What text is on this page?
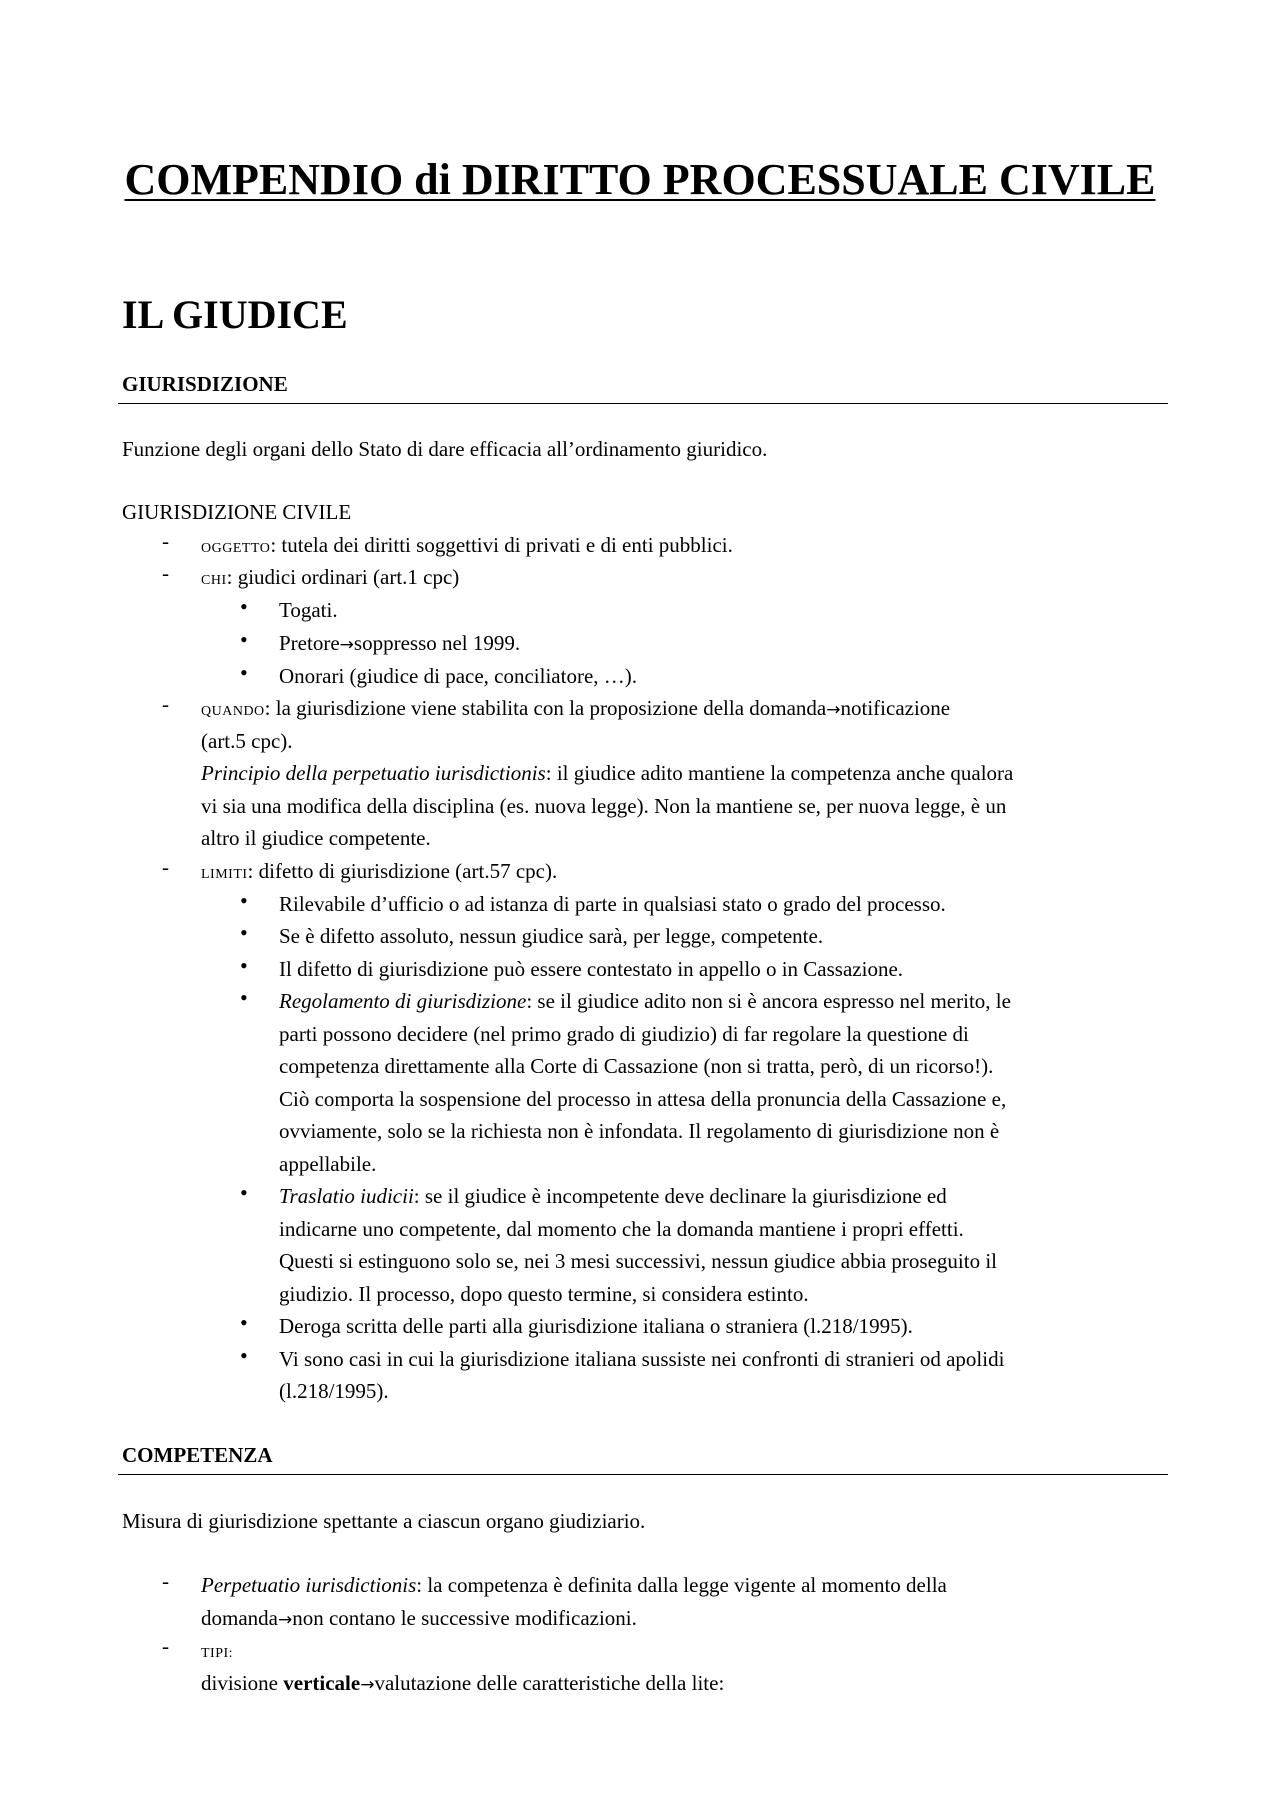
COMPENDIO di DIRITTO PROCESSUALE CIVILE
IL GIUDICE
GIURISDIZIONE
Funzione degli organi dello Stato di dare efficacia all’ordinamento giuridico.
GIURISDIZIONE CIVILE
- OGGETTO: tutela dei diritti soggettivi di privati e di enti pubblici.
- CHI: giudici ordinari (art.1 cpc)
• Togati.
• Pretore→soppresso nel 1999.
• Onorari (giudice di pace, conciliatore, …).
- QUANDO: la giurisdizione viene stabilita con la proposizione della domanda→notificazione
(art.5 cpc).
Principio della perpetuatio iurisdictionis: il giudice adito mantiene la competenza anche qualora
vi sia una modifica della disciplina (es. nuova legge). Non la mantiene se, per nuova legge, è un
altro il giudice competente.
- LIMITI: difetto di giurisdizione (art.57 cpc).
• Rilevabile d’ufficio o ad istanza di parte in qualsiasi stato o grado del processo.
• Se è difetto assoluto, nessun giudice sarà, per legge, competente.
• Il difetto di giurisdizione può essere contestato in appello o in Cassazione.
• Regolamento di giurisdizione: se il giudice adito non si è ancora espresso nel merito, le
parti possono decidere (nel primo grado di giudizio) di far regolare la questione di
competenza direttamente alla Corte di Cassazione (non si tratta, però, di un ricorso!).
Ciò comporta la sospensione del processo in attesa della pronuncia della Cassazione e,
ovviamente, solo se la richiesta non è infondata. Il regolamento di giurisdizione non è
appellabile.
• Traslatio iudicii: se il giudice è incompetente deve declinare la giurisdizione ed
indicarne uno competente, dal momento che la domanda mantiene i propri effetti.
Questi si estinguono solo se, nei 3 mesi successivi, nessun giudice abbia proseguito il
giudizio. Il processo, dopo questo termine, si considera estinto.
• Deroga scritta delle parti alla giurisdizione italiana o straniera (l.218/1995).
• Vi sono casi in cui la giurisdizione italiana sussiste nei confronti di stranieri od apolidi
(l.218/1995).
COMPETENZA
Misura di giurisdizione spettante a ciascun organo giudiziario.
- Perpetuatio iurisdictionis: la competenza è definita dalla legge vigente al momento della
domanda→non contano le successive modificazioni.
- TIPI:
divisione verticale→valutazione delle caratteristiche della lite:
